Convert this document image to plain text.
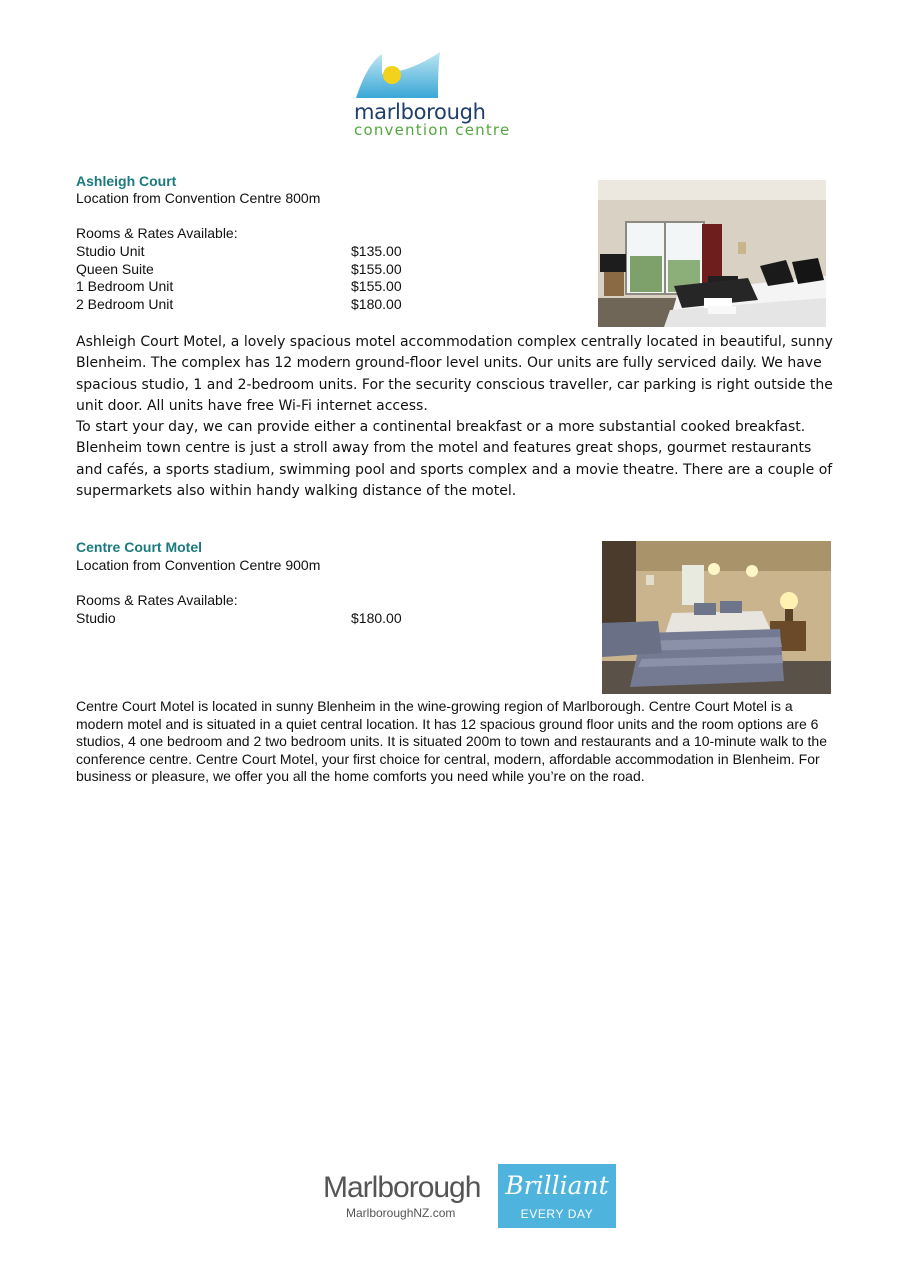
marlborough
convention centre
Ashleigh Court
Location from Convention Centre 800m
Rooms & Rates Available:
Studio Unit	$135.00
Queen Suite	$155.00
1 Bedroom Unit	$155.00
2 Bedroom Unit	$180.00

Ashleigh Court Motel, a lovely spacious motel accommodation complex centrally located in beautiful, sunny Blenheim. The complex has 12 modern ground-floor level units. Our units are fully serviced daily. We have spacious studio, 1 and 2-bedroom units. For the security conscious traveller, car parking is right outside the unit door. All units have free Wi-Fi internet access.

To start your day, we can provide either a continental breakfast or a more substantial cooked breakfast. Blenheim town centre is just a stroll away from the motel and features great shops, gourmet restaurants and cafés, a sports stadium, swimming pool and sports complex and a movie theatre. There are a couple of supermarkets also within handy walking distance of the motel.

Centre Court Motel
Location from Convention Centre 900m
Rooms & Rates Available:
Studio	$180.00
Centre Court Motel is located in sunny Blenheim in the wine-growing region of Marlborough. Centre Court Motel is a modern motel and is situated in a quiet central location. It has 12 spacious ground floor units and the room options are 6 studios, 4 one bedroom and 2 two bedroom units. It is situated 200m to town and restaurants and a 10-minute walk to the conference centre. Centre Court Motel, your first choice for central, modern, affordable accommodation in Blenheim. For business or pleasure, we offer you all the home comforts you need while you’re on the road.
Marlborough
MarlboroughNZ.com
Brilliant
EVERY DAY
